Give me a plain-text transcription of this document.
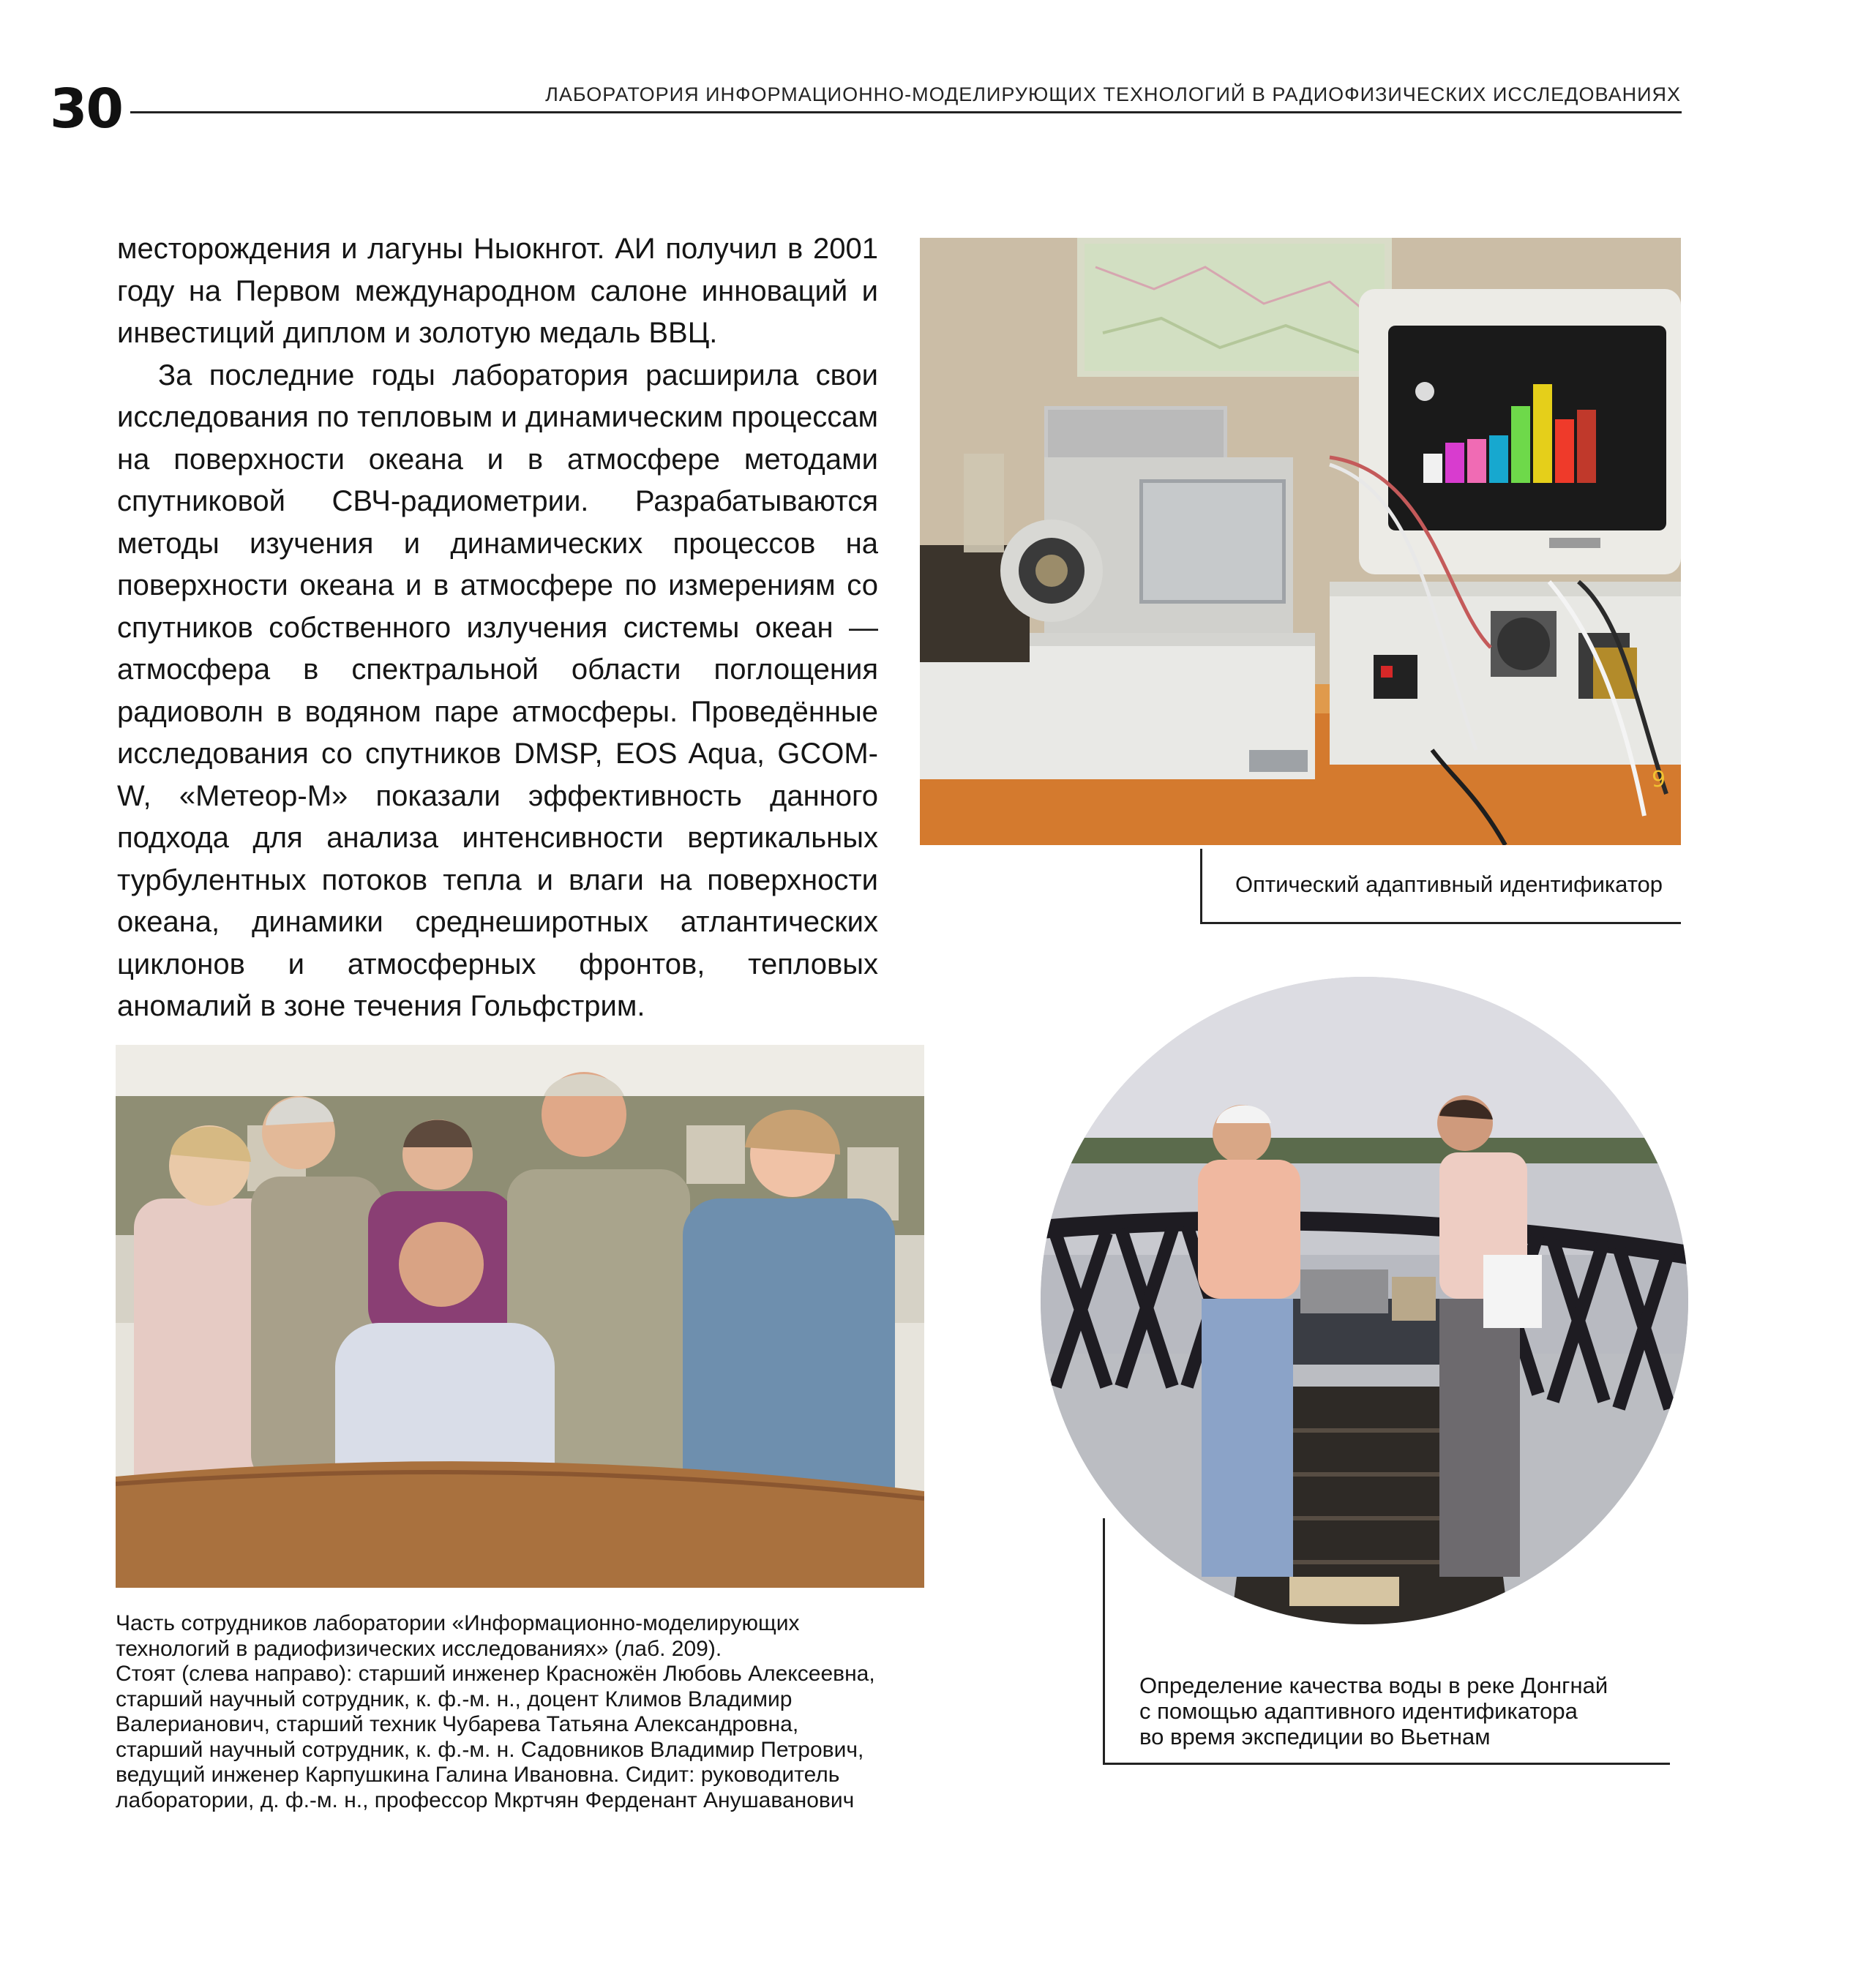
30	ЛАБОРАТОРИЯ ИНФОРМАЦИОННО-МОДЕЛИРУЮЩИХ ТЕХНОЛОГИЙ В РАДИОФИЗИЧЕСКИХ ИССЛЕДОВАНИЯХ

месторождения и лагуны Ныокнгот. АИ получил в 2001 году на Первом международном салоне инноваций и инвестиций диплом и золотую медаль ВВЦ.

За последние годы лаборатория расширила свои исследования по тепловым и динамическим процессам на поверхности океана и в атмосфере методами спутниковой СВЧ-радиометрии. Разрабатываются методы изучения и динамических процессов на поверхности океана и в атмосфере по измерениям со спутников собственного излучения системы океан — атмосфера в спектральной области поглощения радиоволн в водяном паре атмосферы. Проведённые исследования со спутников DMSP, EOS Aqua, GCOM-W, «Метеор-М» показали эффективность данного подхода для анализа интенсивности вертикальных турбулентных потоков тепла и влаги на поверхности океана, динамики среднеширотных атлантических циклонов и атмосферных фронтов, тепловых аномалий в зоне течения Гольфстрим.

9
Оптический адаптивный идентификатор
Часть сотрудников лаборатории «Информационно-моделирующих
технологий в радиофизических исследованиях» (лаб. 209).
Стоят (слева направо): старший инженер Красножён Любовь Алексеевна,
старший научный сотрудник, к. ф.-м. н., доцент Климов Владимир
Валерианович, старший техник Чубарева Татьяна Александровна,
старший научный сотрудник, к. ф.-м. н. Садовников Владимир Петрович,
ведущий инженер Карпушкина Галина Ивановна. Сидит: руководитель
лаборатории, д. ф.-м. н., профессор Мкртчян Ферденант Анушаванович
Определение качества воды в реке Донгнай
с помощью адаптивного идентификатора
во время экспедиции во Вьетнам
